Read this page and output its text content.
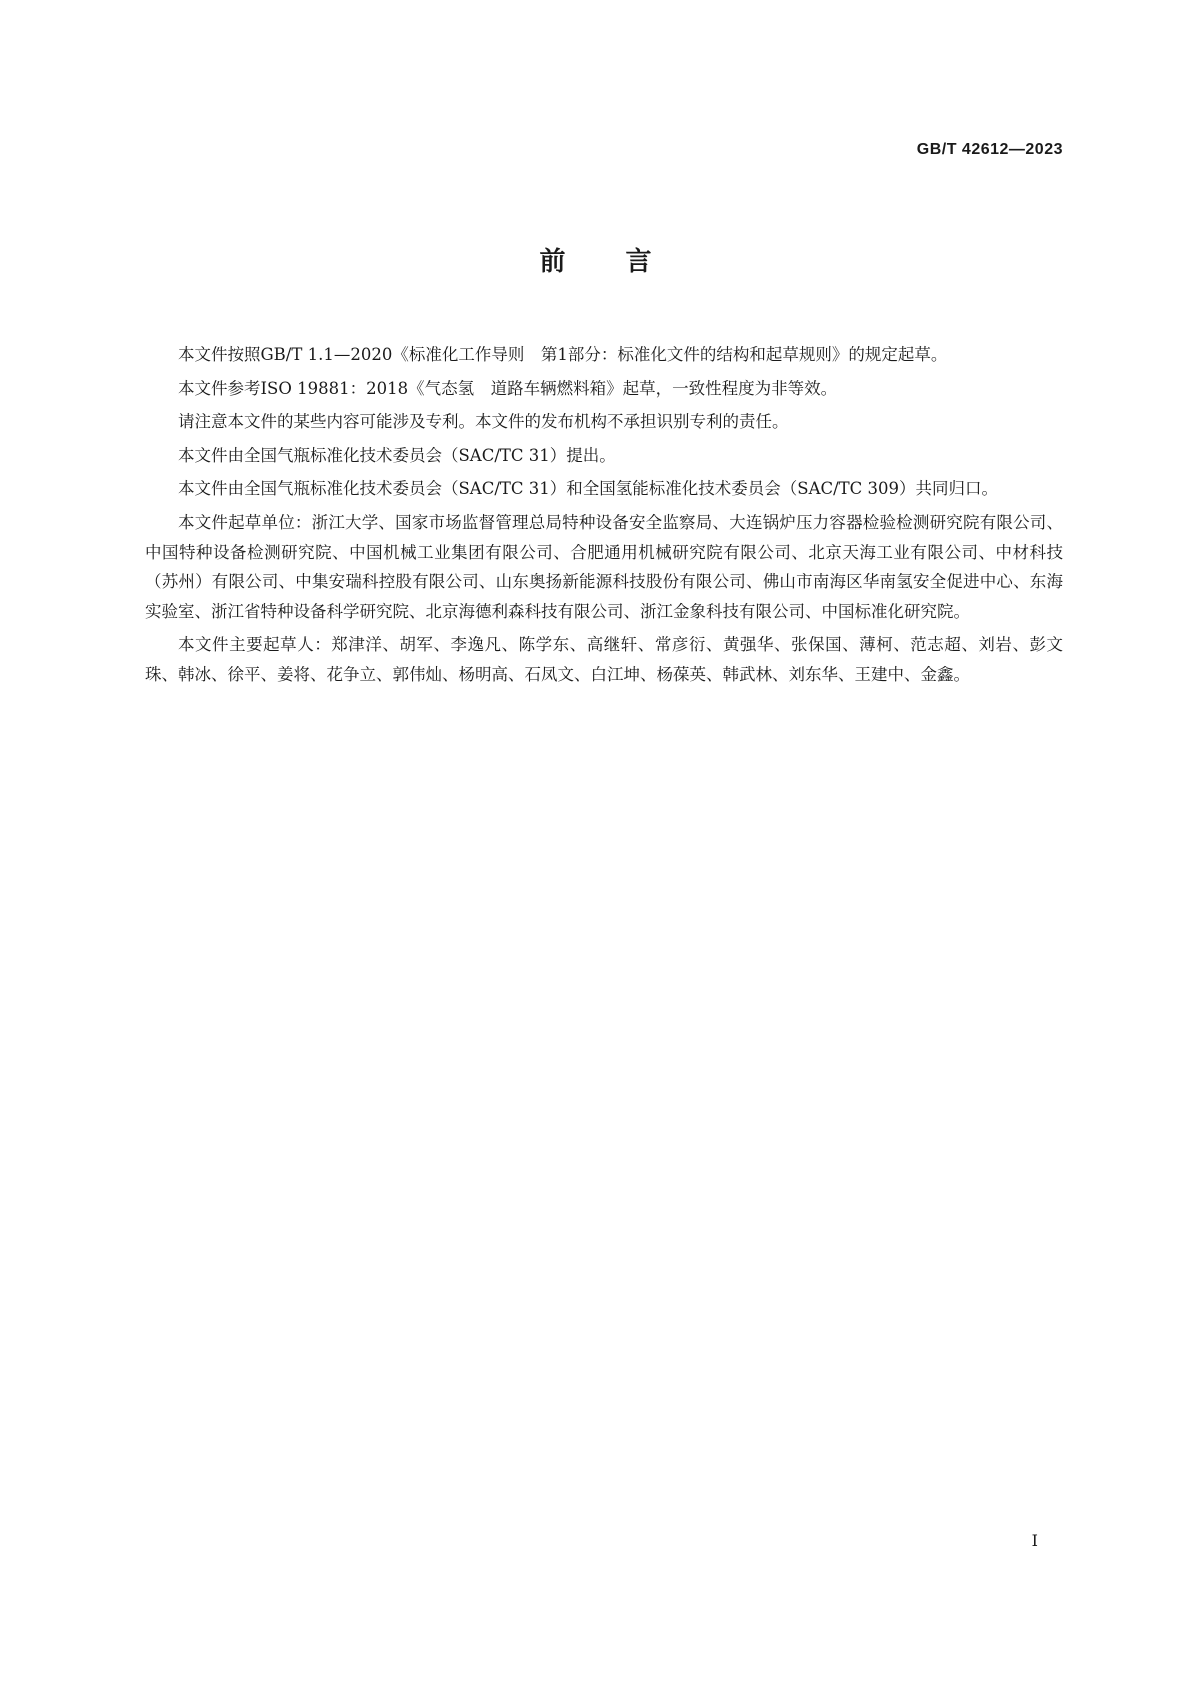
GB/T 42612—2023

前言

本文件按照GB/T 1.1—2020《标准化工作导则　第1部分：标准化文件的结构和起草规则》的规定起草。

本文件参考ISO 19881：2018《气态氢　道路车辆燃料箱》起草，一致性程度为非等效。

请注意本文件的某些内容可能涉及专利。本文件的发布机构不承担识别专利的责任。

本文件由全国气瓶标准化技术委员会（SAC/TC 31）提出。

本文件由全国气瓶标准化技术委员会（SAC/TC 31）和全国氢能标准化技术委员会（SAC/TC 309）共同归口。

本文件起草单位：浙江大学、国家市场监督管理总局特种设备安全监察局、大连锅炉压力容器检验检测研究院有限公司、中国特种设备检测研究院、中国机械工业集团有限公司、合肥通用机械研究院有限公司、北京天海工业有限公司、中材科技（苏州）有限公司、中集安瑞科控股有限公司、山东奥扬新能源科技股份有限公司、佛山市南海区华南氢安全促进中心、东海实验室、浙江省特种设备科学研究院、北京海德利森科技有限公司、浙江金象科技有限公司、中国标准化研究院。

本文件主要起草人：郑津洋、胡军、李逸凡、陈学东、高继轩、常彦衍、黄强华、张保国、薄柯、范志超、刘岩、彭文珠、韩冰、徐平、姜将、花争立、郭伟灿、杨明高、石凤文、白江坤、杨葆英、韩武林、刘东华、王建中、金鑫。

Ⅰ
